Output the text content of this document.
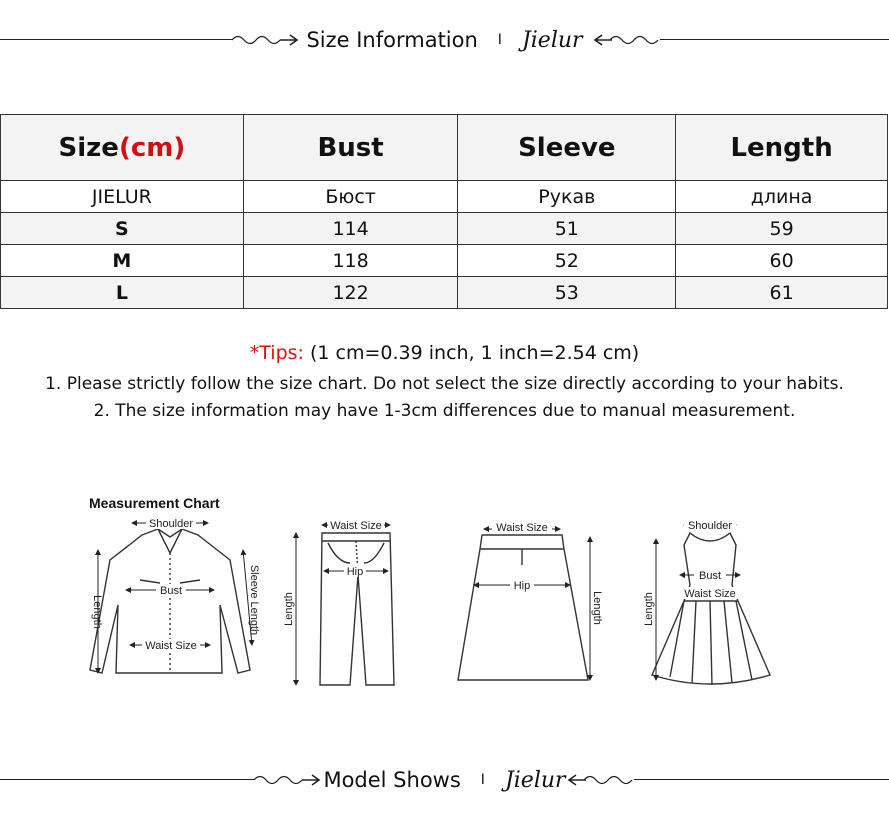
Size Information	I Jielur
Size(cm)	Bust	Sleeve	Length
JIELUR	Бюст	Рукав	длина
S	114	51	59
M	118	52	60
L	122	53	61
*Tips: (1 cm=0.39 inch, 1 inch=2.54 cm)
1. Please strictly follow the size chart. Do not select the size directly according to your habits.
2. The size information may have 1-3cm differences due to manual measurement.
Measurement Chart
Shoulder
Bust
Waist Size
Length	Sleeve Length
Waist Size
Hip
Length
Waist Size
Hip
Length
Shoulder
Bust
Waist Size
Length
Model Shows	I Jielur
